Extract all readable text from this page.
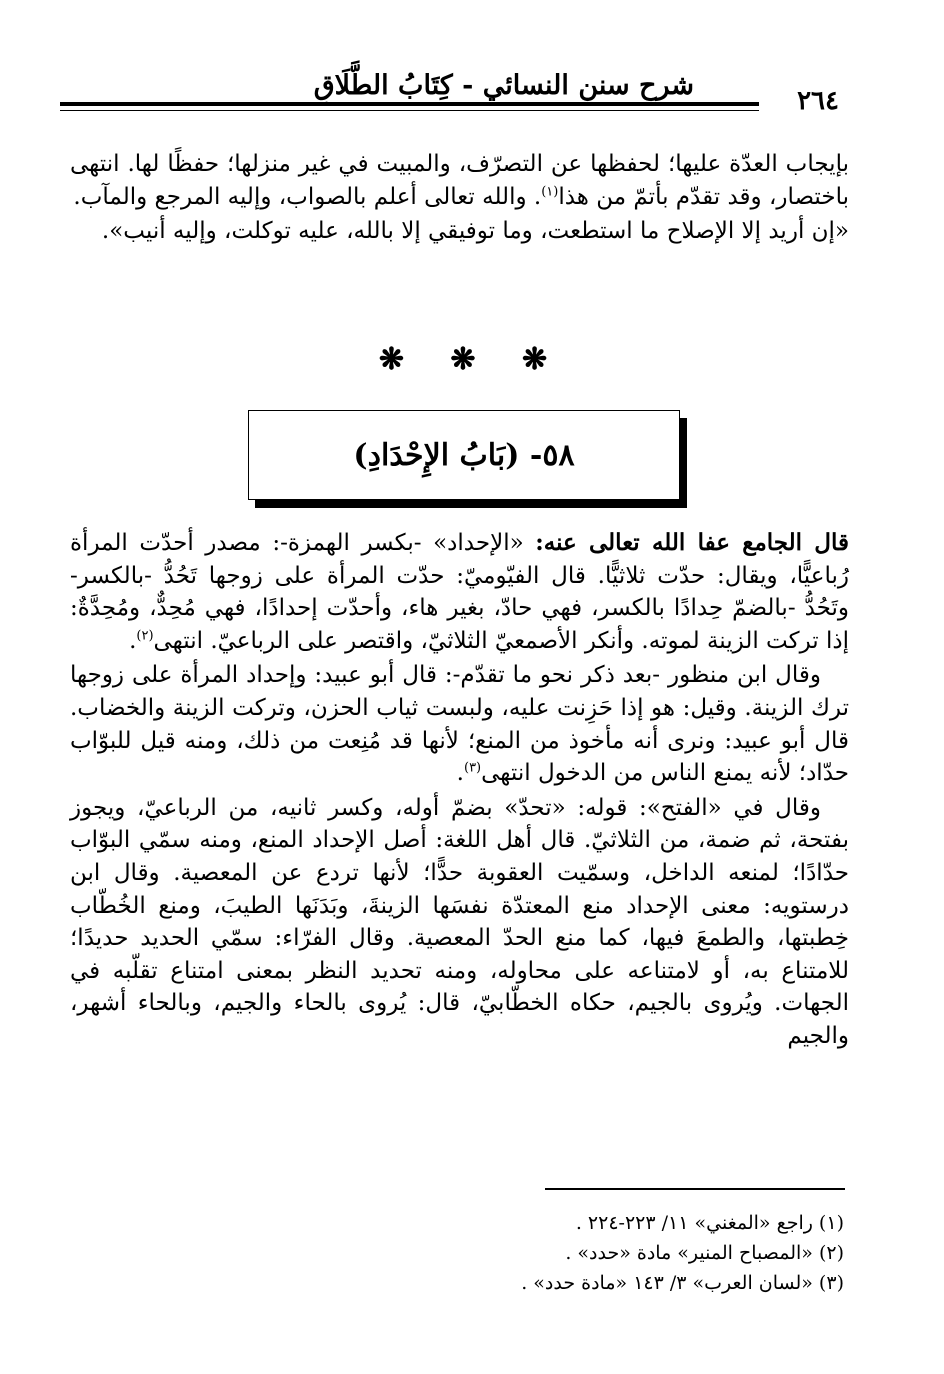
شرح سنن النسائي - كِتَابُ الطَّلَاقِ	٢٦٤

بإيجاب العدّة عليها؛ لحفظها عن التصرّف، والمبيت في غير منزلها؛ حفظًا لها. انتهى باختصار، وقد تقدّم بأتمّ من هذا$^{(١)}$. والله تعالى أعلم بالصواب، وإليه المرجع والمآب.

«إن أريد إلا الإصلاح ما استطعت، وما توفيقي إلا بالله، عليه توكلت، وإليه أنيب».

❋ ❋ ❋
٥٨- (بَابُ الإِحْدَادِ)

قال الجامع عفا الله تعالى عنه: «الإحداد» -بكسر الهمزة-: مصدر أحدّت المرأة رُباعيًّا، ويقال: حدّت ثلاثيًّا. قال الفيّوميّ: حدّت المرأة على زوجها تَحُدُّ -بالكسر- وتَحُدُّ -بالضمّ حِدادًا بالكسر، فهي حادّ، بغير هاء، وأحدّت إحدادًا، فهي مُحِدٌّ، ومُحِدَّةٌ: إذا تركت الزينة لموته. وأنكر الأصمعيّ الثلاثيّ، واقتصر على الرباعيّ. انتهى$^{(٢)}$.

وقال ابن منظور -بعد ذكر نحو ما تقدّم-: قال أبو عبيد: وإحداد المرأة على زوجها ترك الزينة. وقيل: هو إذا حَزِنت عليه، ولبست ثياب الحزن، وتركت الزينة والخضاب. قال أبو عبيد: ونرى أنه مأخوذ من المنع؛ لأنها قد مُنِعت من ذلك، ومنه قيل للبوّاب حدّاد؛ لأنه يمنع الناس من الدخول انتهى$^{(٣)}$.

وقال في «الفتح»: قوله: «تحدّ» بضمّ أوله، وكسر ثانيه، من الرباعيّ، ويجوز بفتحة، ثم ضمة، من الثلاثيّ. قال أهل اللغة: أصل الإحداد المنع، ومنه سمّي البوّاب حدّادًا؛ لمنعه الداخل، وسمّيت العقوبة حدًّا؛ لأنها تردع عن المعصية. وقال ابن درستويه: معنى الإحداد منع المعتدّة نفسَها الزينةَ، وبَدَنَها الطيبَ، ومنع الخُطّاب خِطبتها، والطمعَ فيها، كما منع الحدّ المعصية. وقال الفرّاء: سمّي الحديد حديدًا؛ للامتناع به، أو لامتناعه على محاوله، ومنه تحديد النظر بمعنى امتناع تقلّبه في الجهات. ويُروى بالجيم، حكاه الخطّابيّ، قال: يُروى بالحاء والجيم، وبالحاء أشهر، والجيم

(١) راجع «المغني» ١١/ ٢٢٣-٢٢٤ .

(٢) «المصباح المنير» مادة «حدد» .

(٣) «لسان العرب» ٣/ ١٤٣ «مادة حدد» .
